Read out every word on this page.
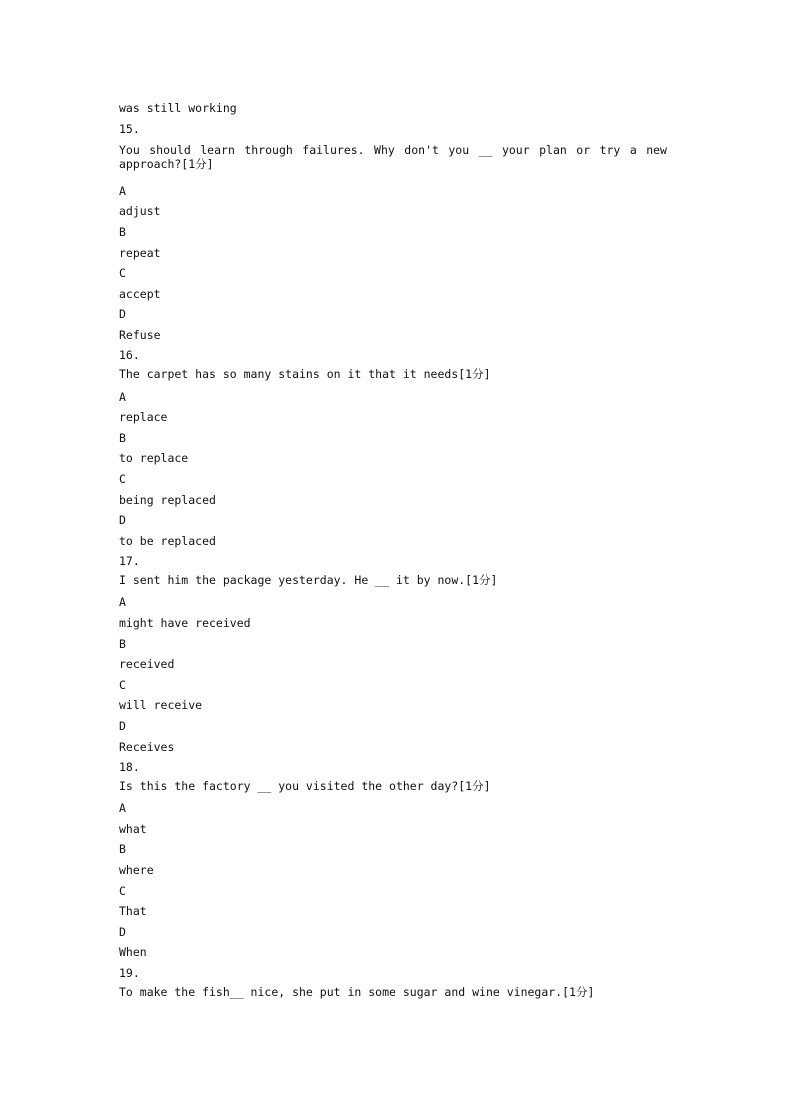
was still working

15.

You should learn through failures. Why don't you __ your plan or try a new approach?[1分]

A

adjust

B

repeat

C

accept

D

Refuse

16.

The carpet has so many stains on it that it needs[1分]

A

replace

B

to replace

C

being replaced

D

to be replaced

17.

I sent him the package yesterday. He __ it by now.[1分]

A

might have received

B

received

C

will receive

D

Receives

18.

Is this the factory __ you visited the other day?[1分]

A

what

B

where

C

That

D

When

19.

To make the fish__ nice, she put in some sugar and wine vinegar.[1分]
